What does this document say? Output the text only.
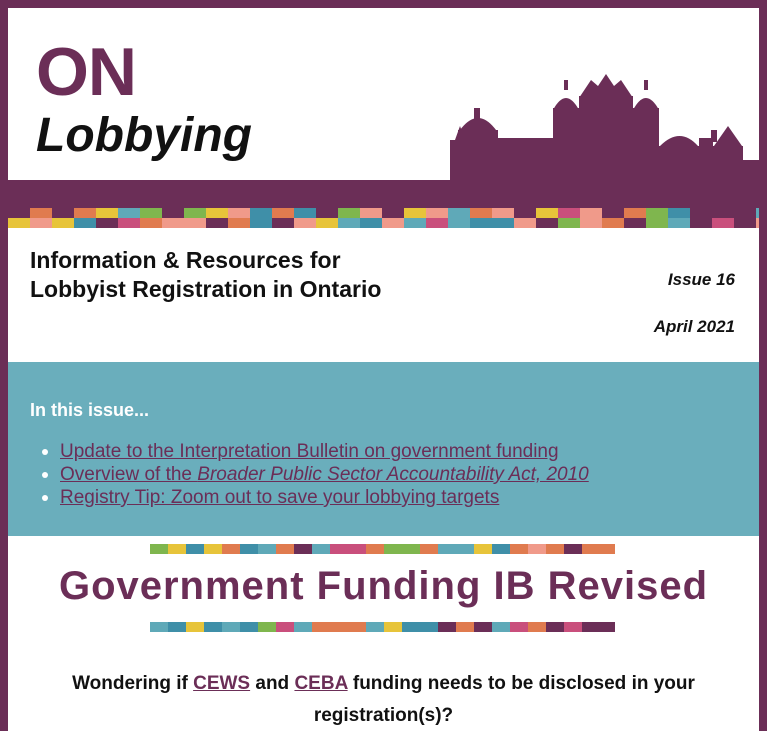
ON
Lobbying
Information & Resources for Lobbyist Registration in Ontario	Issue 16
April 2021
In this issue...
Update to the Interpretation Bulletin on government funding
Overview of the Broader Public Sector Accountability Act, 2010
Registry Tip: Zoom out to save your lobbying targets
Government Funding IB Revised
Wondering if CEWS and CEBA funding needs to be disclosed in your registration(s)?
